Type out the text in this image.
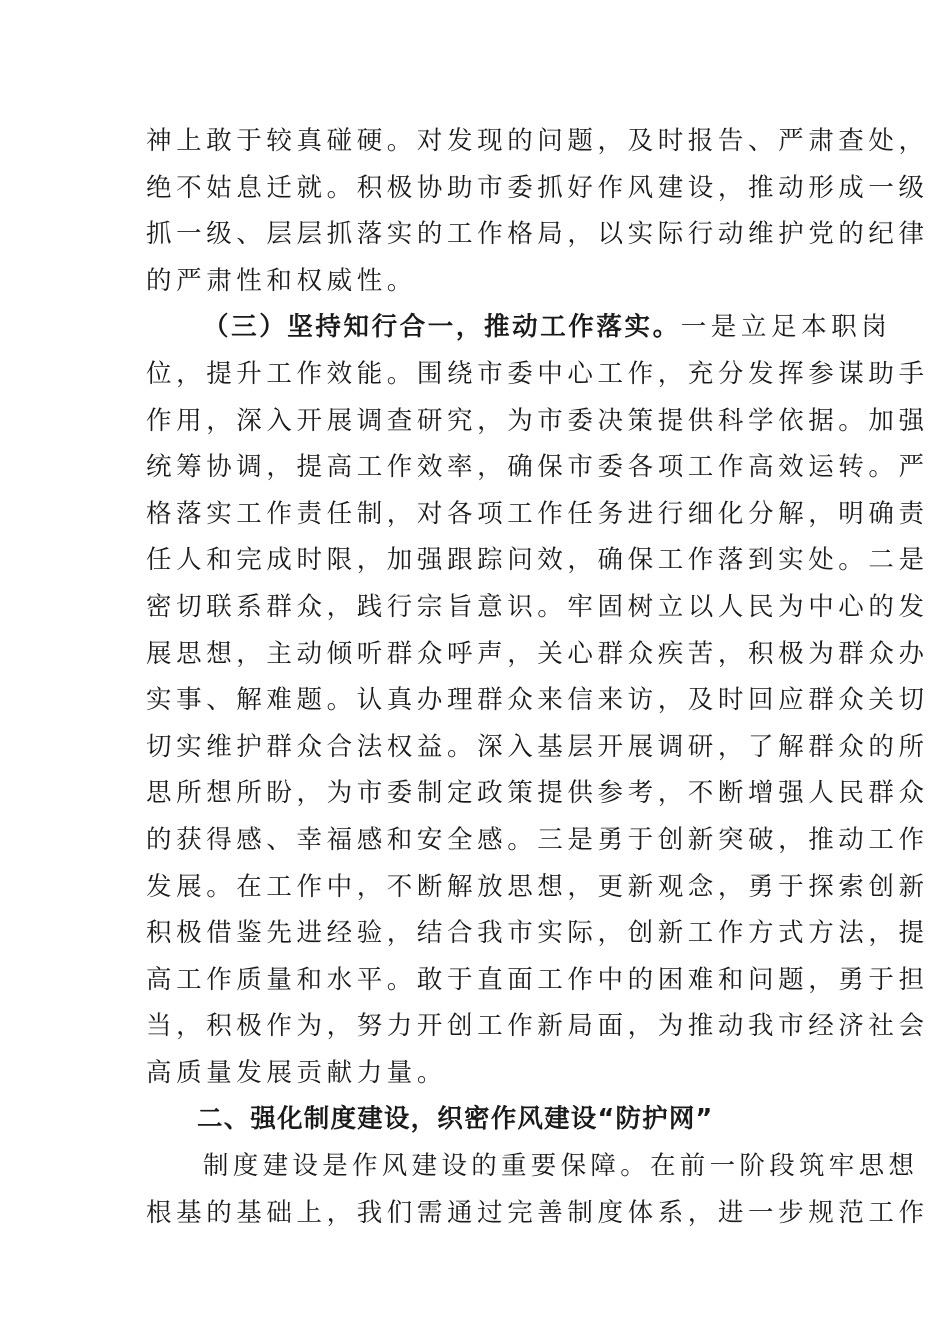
神上敢于较真碰硬。对发现的问题，及时报告、严肃查处，
绝不姑息迁就。积极协助市委抓好作风建设，推动形成一级
抓一级、层层抓落实的工作格局，以实际行动维护党的纪律
的严肃性和权威性。
（三）坚持知行合一，推动工作落实。一是立足本职岗
位，提升工作效能。围绕市委中心工作，充分发挥参谋助手
作用，深入开展调查研究，为市委决策提供科学依据。加强
统筹协调，提高工作效率，确保市委各项工作高效运转。严
格落实工作责任制，对各项工作任务进行细化分解，明确责
任人和完成时限，加强跟踪问效，确保工作落到实处。二是
密切联系群众，践行宗旨意识。牢固树立以人民为中心的发
展思想，主动倾听群众呼声，关心群众疾苦，积极为群众办
实事、解难题。认真办理群众来信来访，及时回应群众关切
切实维护群众合法权益。深入基层开展调研，了解群众的所
思所想所盼，为市委制定政策提供参考，不断增强人民群众
的获得感、幸福感和安全感。三是勇于创新突破，推动工作
发展。在工作中，不断解放思想，更新观念，勇于探索创新
积极借鉴先进经验，结合我市实际，创新工作方式方法，提
高工作质量和水平。敢于直面工作中的困难和问题，勇于担
当，积极作为，努力开创工作新局面，为推动我市经济社会
高质量发展贡献力量。
二、强化制度建设，织密作风建设“防护网”
制度建设是作风建设的重要保障。在前一阶段筑牢思想
根基的基础上，我们需通过完善制度体系，进一步规范工作
